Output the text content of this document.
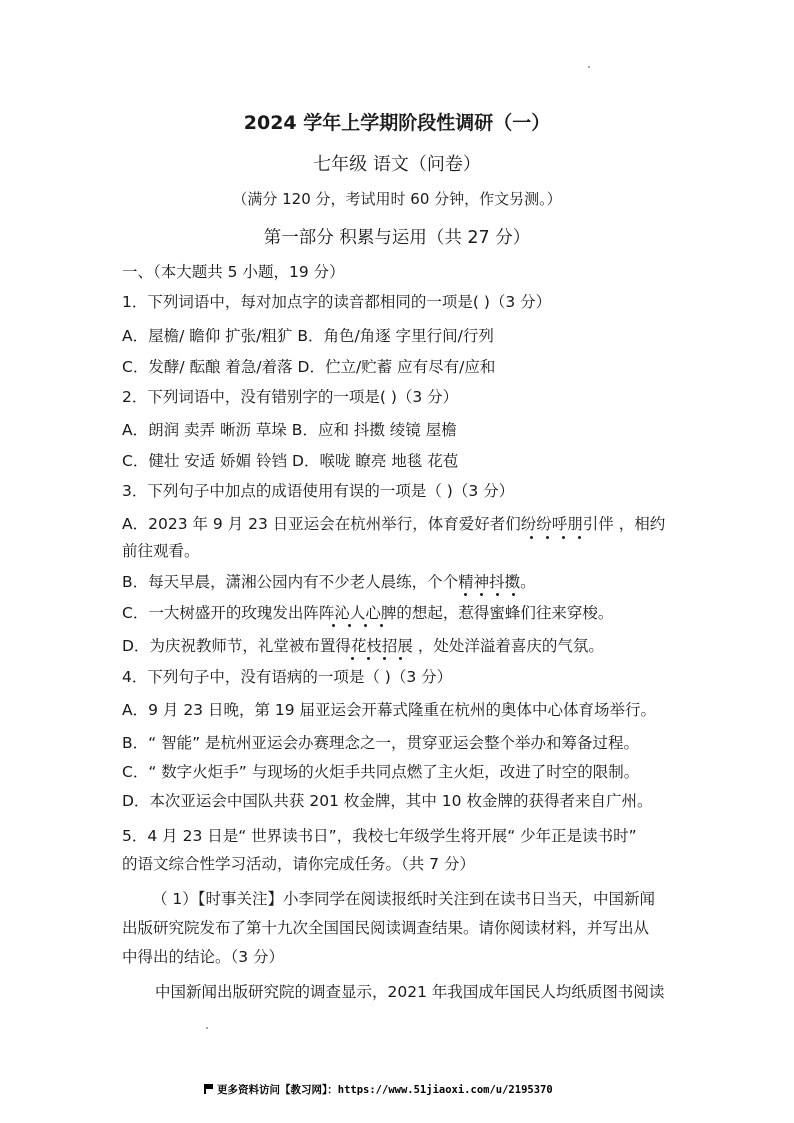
2024 学年上学期阶段性调研（一）
七年级 语文（问卷）
（满分 120 分，考试用时 60 分钟，作文另测。）
第一部分 积累与运用（共 27 分）
一、（本大题共 5 小题，19 分）
1．下列词语中，每对加点字的读音都相同的一项是( )（3 分）
A．屋檐/ 瞻仰 扩张/粗犷 B．角色/角逐 字里行间/行列
C．发酵/ 酝酿 着急/着落 D．伫立/贮蓄 应有尽有/应和
2．下列词语中，没有错别字的一项是( )（3 分）
A．朗润 卖弄 晰沥 草垛 B．应和 抖擞 绫镜 屋檐
C．健壮 安适 娇媚 铃铛 D．喉咙 瞭亮 地毯 花苞
3．下列句子中加点的成语使用有误的一项是（ )（3 分）
A．2023 年 9 月 23 日亚运会在杭州举行，体育爱好者们纷纷呼朋引伴 ，相约
前往观看。
B．每天早晨，潇湘公园内有不少老人晨练，个个精神抖擞。
C．一大树盛开的玫瑰发出阵阵沁人心脾的想起，惹得蜜蜂们往来穿梭。
D．为庆祝教师节，礼堂被布置得花枝招展 ，处处洋溢着喜庆的气氛。
4．下列句子中，没有语病的一项是（ )（3 分）
A．9 月 23 日晚，第 19 届亚运会开幕式隆重在杭州的奥体中心体育场举行。
B．“ 智能” 是杭州亚运会办赛理念之一，贯穿亚运会整个举办和筹备过程。
C．“ 数字火炬手” 与现场的火炬手共同点燃了主火炬，改进了时空的限制。
D．本次亚运会中国队共获 201 枚金牌，其中 10 枚金牌的获得者来自广州。
5．4 月 23 日是“ 世界读书日”，我校七年级学生将开展“ 少年正是读书时”
的语文综合性学习活动，请你完成任务。（共 7 分）
（ 1）【时事关注】小李同学在阅读报纸时关注到在读书日当天，中国新闻
出版研究院发布了第十九次全国国民阅读调查结果。请你阅读材料，并写出从
中得出的结论。（3 分）
中国新闻出版研究院的调查显示，2021 年我国成年国民人均纸质图书阅读
更多资料访问【教习网】：https://www.51jiaoxi.com/u/2195370
